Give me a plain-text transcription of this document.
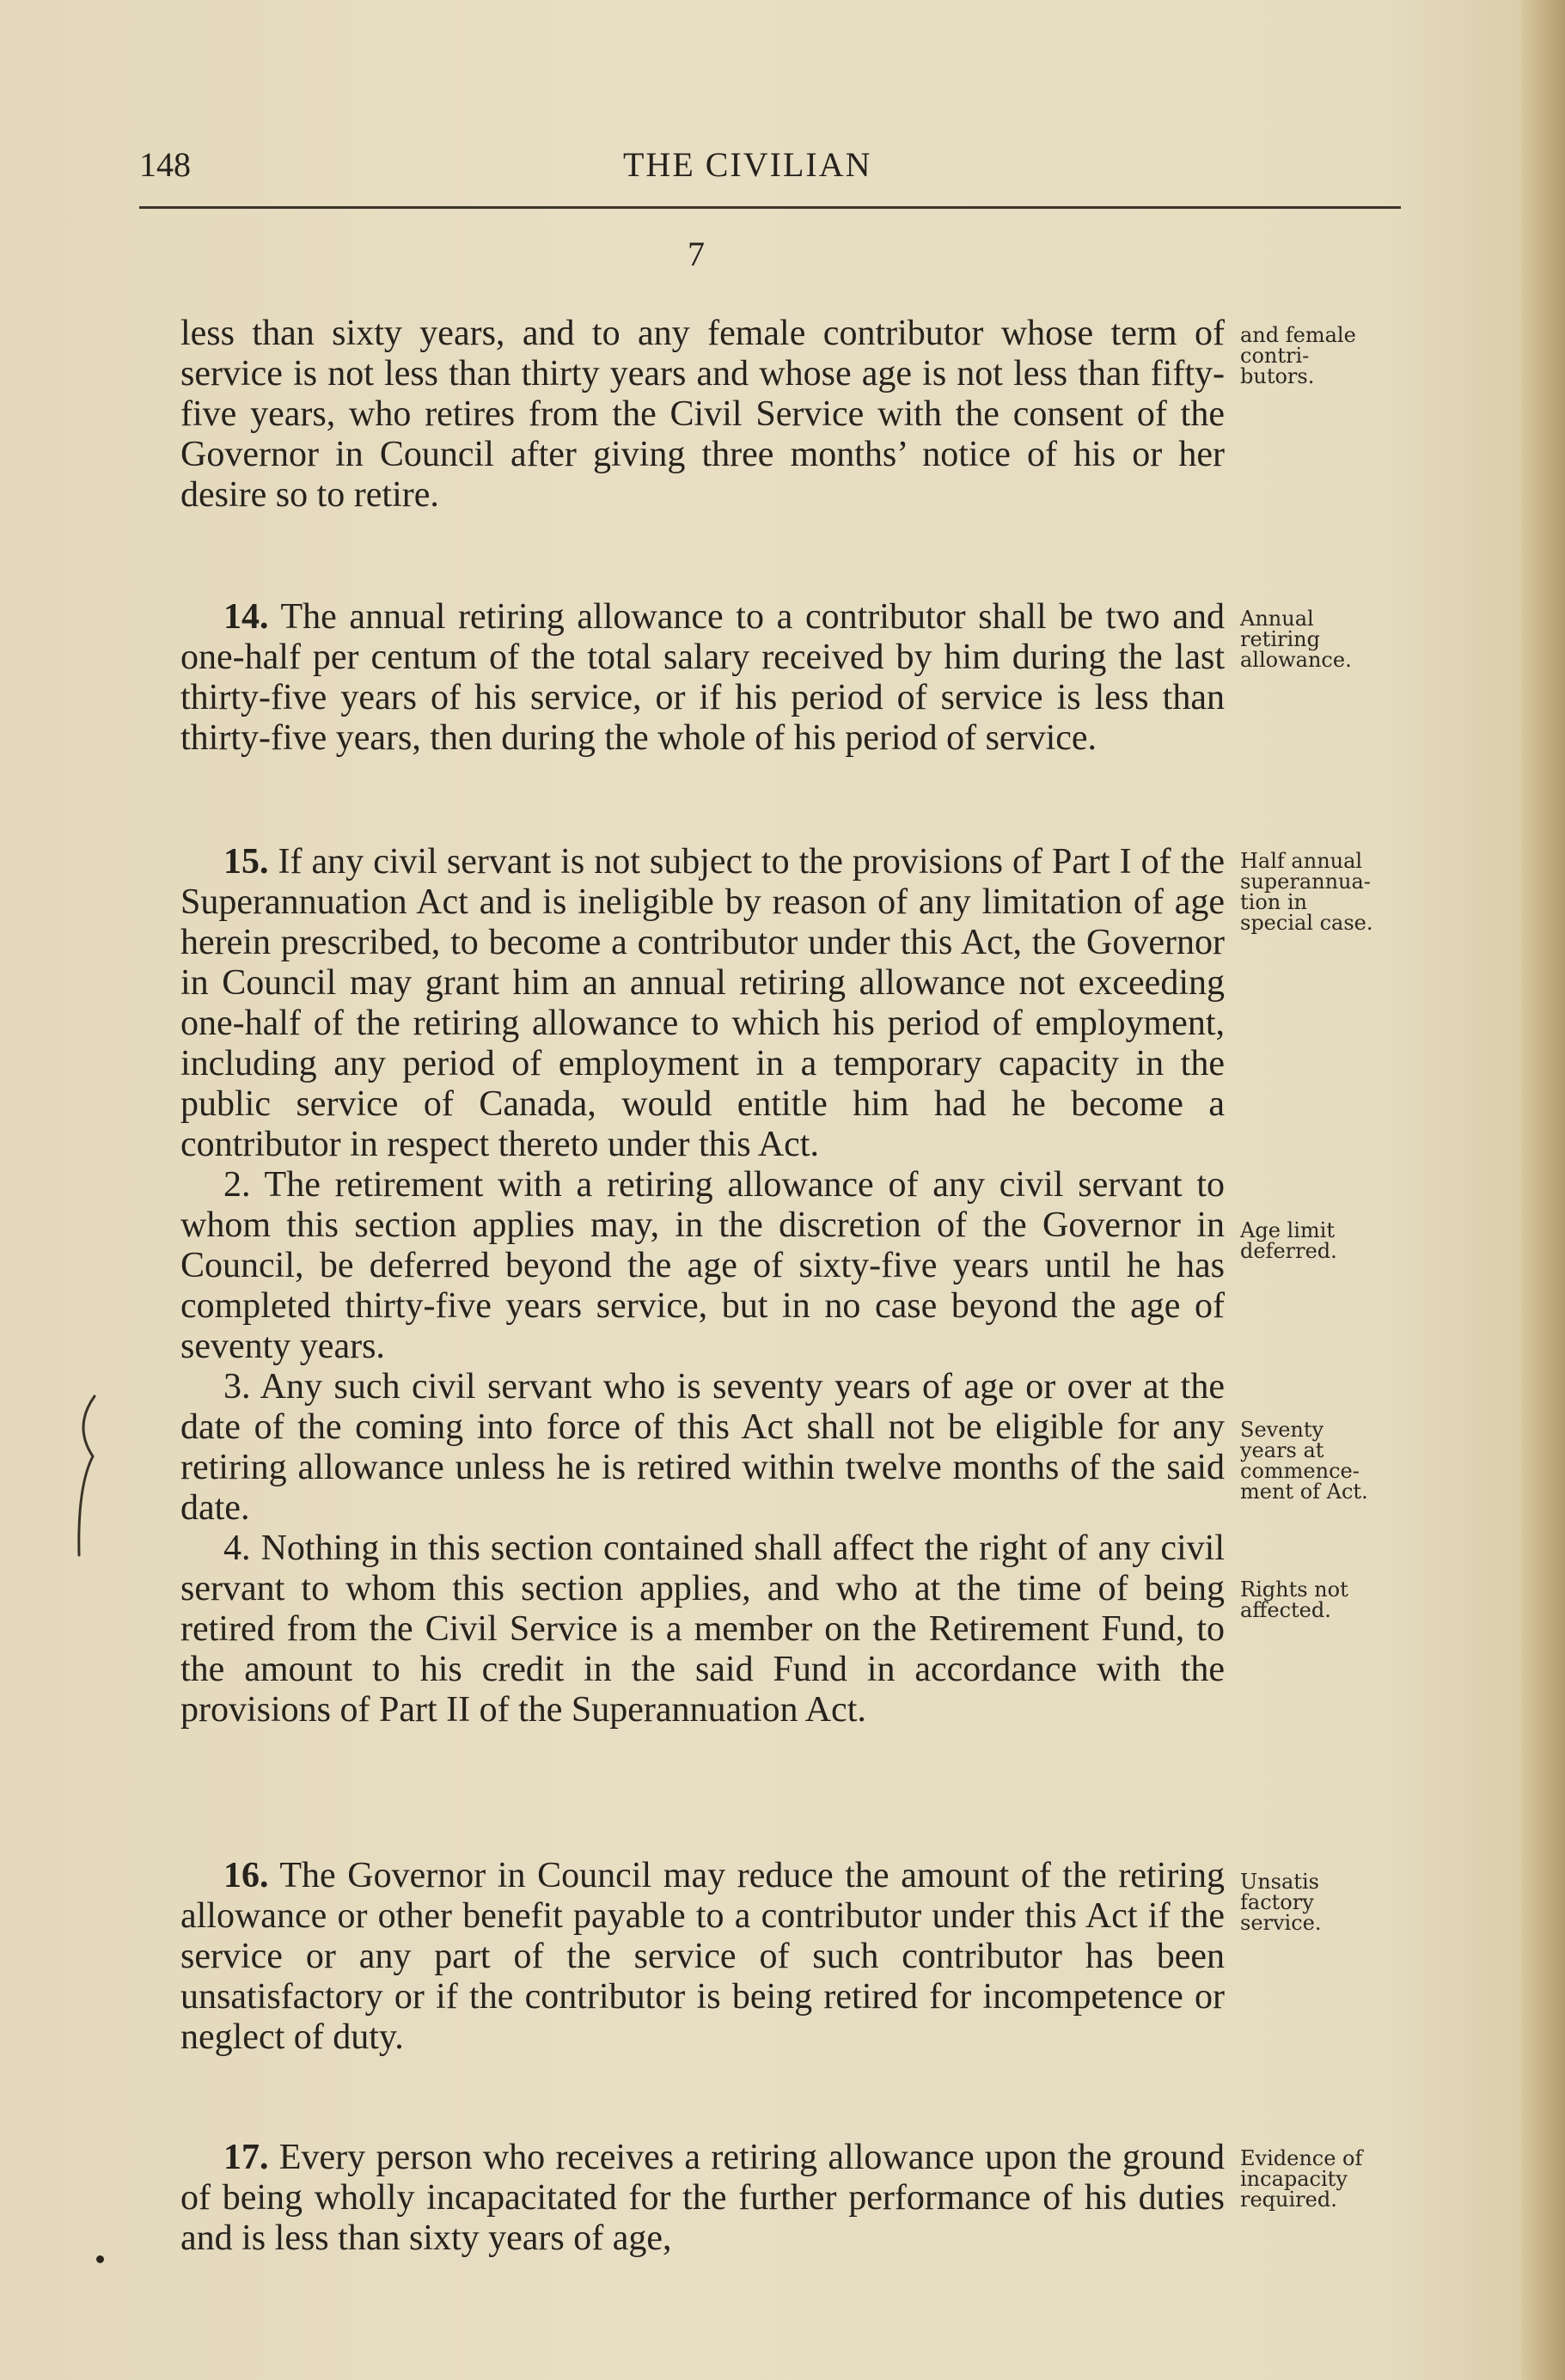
148	THE CIVILIAN
7

less than sixty years, and to any female contributor whose term of service is not less than thirty years and whose age is not less than fifty-five years, who retires from the Civil Service with the consent of the Governor in Council after giving three months’ notice of his or her desire so to retire.

and female
contri-
butors.

14. The annual retiring allowance to a contributor shall be two and one-half per centum of the total salary received by him during the last thirty-five years of his service, or if his period of service is less than thirty-five years, then during the whole of his period of service.

Annual
retiring
allowance.

15. If any civil servant is not subject to the provisions of Part I of the Superannuation Act and is ineligible by reason of any limitation of age herein prescribed, to become a contributor under this Act, the Governor in Council may grant him an annual retiring allowance not exceeding one-half of the retiring allowance to which his period of employment, including any period of employment in a temporary capacity in the public service of Canada, would entitle him had he become a contributor in respect thereto under this Act.

2. The retirement with a retiring allowance of any civil servant to whom this section applies may, in the discretion of the Governor in Council, be deferred beyond the age of sixty-five years until he has completed thirty-five years service, but in no case beyond the age of seventy years.

3. Any such civil servant who is seventy years of age or over at the date of the coming into force of this Act shall not be eligible for any retiring allowance unless he is retired within twelve months of the said date.

4. Nothing in this section contained shall affect the right of any civil servant to whom this section applies, and who at the time of being retired from the Civil Service is a member on the Retirement Fund, to the amount to his credit in the said Fund in accordance with the provisions of Part II of the Superannuation Act.

Half annual
superannua-
tion in
special case.
Age limit
deferred.
Seventy
years at
commence-
ment of Act.
Rights not
affected.

16. The Governor in Council may reduce the amount of the retiring allowance or other benefit payable to a contributor under this Act if the service or any part of the service of such contributor has been unsatisfactory or if the contributor is being retired for incompetence or neglect of duty.

Unsatis
factory
service.

17. Every person who receives a retiring allowance upon the ground of being wholly incapacitated for the further performance of his duties and is less than sixty years of age,

Evidence of
incapacity
required.
